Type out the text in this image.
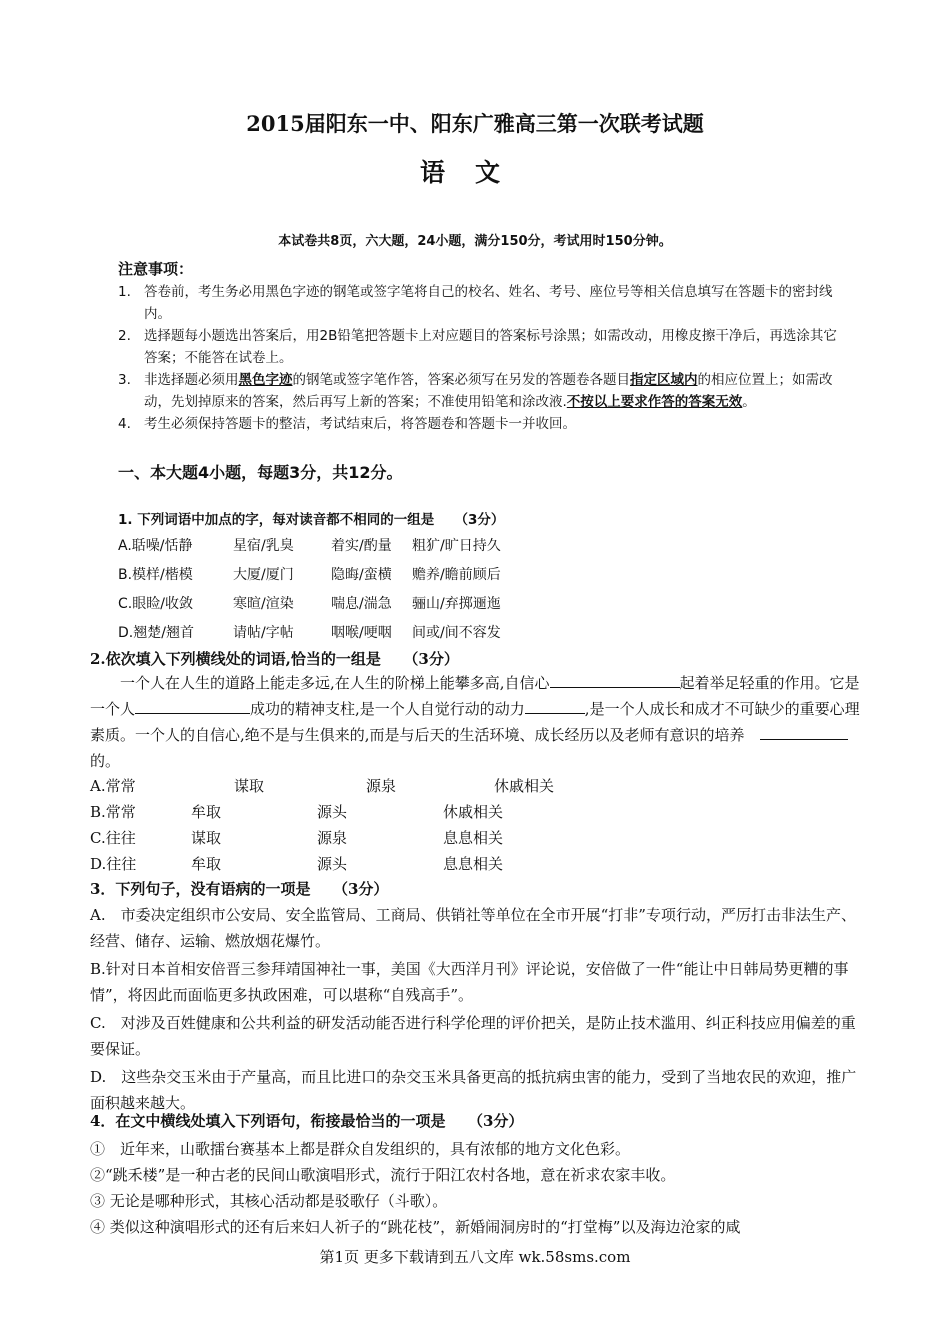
2015届阳东一中、阳东广雅高三第一次联考试题
语文
本试卷共8页，六大题，24小题，满分150分，考试用时150分钟。
注意事项：
1. 答卷前，考生务必用黑色字迹的钢笔或签字笔将自己的校名、姓名、考号、座位号等相关信息填写在答题卡的密封线内。
2. 选择题每小题选出答案后，用2B铅笔把答题卡上对应题目的答案标号涂黑；如需改动，用橡皮擦干净后，再选涂其它答案；不能答在试卷上。
3. 非选择题必须用黑色字迹的钢笔或签字笔作答，答案必须写在另发的答题卷各题目指定区域内的相应位置上；如需改动，先划掉原来的答案，然后再写上新的答案；不准使用铅笔和涂改液.不按以上要求作答的答案无效。
4. 考生必须保持答题卡的整洁，考试结束后，将答题卷和答题卡一并收回。
一、本大题4小题，每题3分，共12分。
1. 下列词语中加点的字，每对读音都不相同的一组是　　（3分）
A.聒噪/恬静	星宿/乳臭	着实/酌量	粗犷/旷日持久
B.模样/楷模	大厦/厦门	隐晦/蛮横	赡养/瞻前顾后
C.眼睑/收敛	寒暄/渲染	喘息/湍急	骊山/弃掷逦迤
D.翘楚/翘首	请帖/字帖	咽喉/哽咽	间或/间不容发
2.依次填入下列横线处的词语,恰当的一组是　　（3分）
一个人在人生的道路上能走多远,在人生的阶梯上能攀多高,自信心	起着举足轻重的作用。它是一个人	成功的精神支柱,是一个人自觉行动的动力	,是一个人成长和成才不可缺少的重要心理素质。一个人的自信心,绝不是与生俱来的,而是与后天的生活环境、成长经历以及老师有意识的培养　的。
A.常常	谋取	源泉	休戚相关
B.常常	牟取	源头	休戚相关
C.往往	谋取	源泉	息息相关
D.往往	牟取	源头	息息相关
3．下列句子，没有语病的一项是　　（3分）

A.　市委决定组织市公安局、安全监管局、工商局、供销社等单位在全市开展“打非”专项行动，严厉打击非法生产、经营、储存、运输、燃放烟花爆竹。

B.针对日本首相安倍晋三参拜靖国神社一事，美国《大西洋月刊》评论说，安倍做了一件“能让中日韩局势更糟的事情”，将因此而面临更多执政困难，可以堪称“自残高手”。

C.　对涉及百姓健康和公共利益的研发活动能否进行科学伦理的评价把关，是防止技术滥用、纠正科技应用偏差的重要保证。

D.　这些杂交玉米由于产量高，而且比进口的杂交玉米具备更高的抵抗病虫害的能力，受到了当地农民的欢迎，推广面积越来越大。

4．在文中横线处填入下列语句，衔接最恰当的一项是　　（3分）

①　近年来，山歌擂台赛基本上都是群众自发组织的，具有浓郁的地方文化色彩。

②“跳禾楼”是一种古老的民间山歌演唱形式，流行于阳江农村各地，意在祈求农家丰收。

③ 无论是哪种形式，其核心活动都是驳歌仔（斗歌）。

④ 类似这种演唱形式的还有后来妇人祈子的“跳花枝”，新婚闹洞房时的“打堂梅”以及海边沧家的咸

第1页 更多下载请到五八文库 wk.58sms.com
